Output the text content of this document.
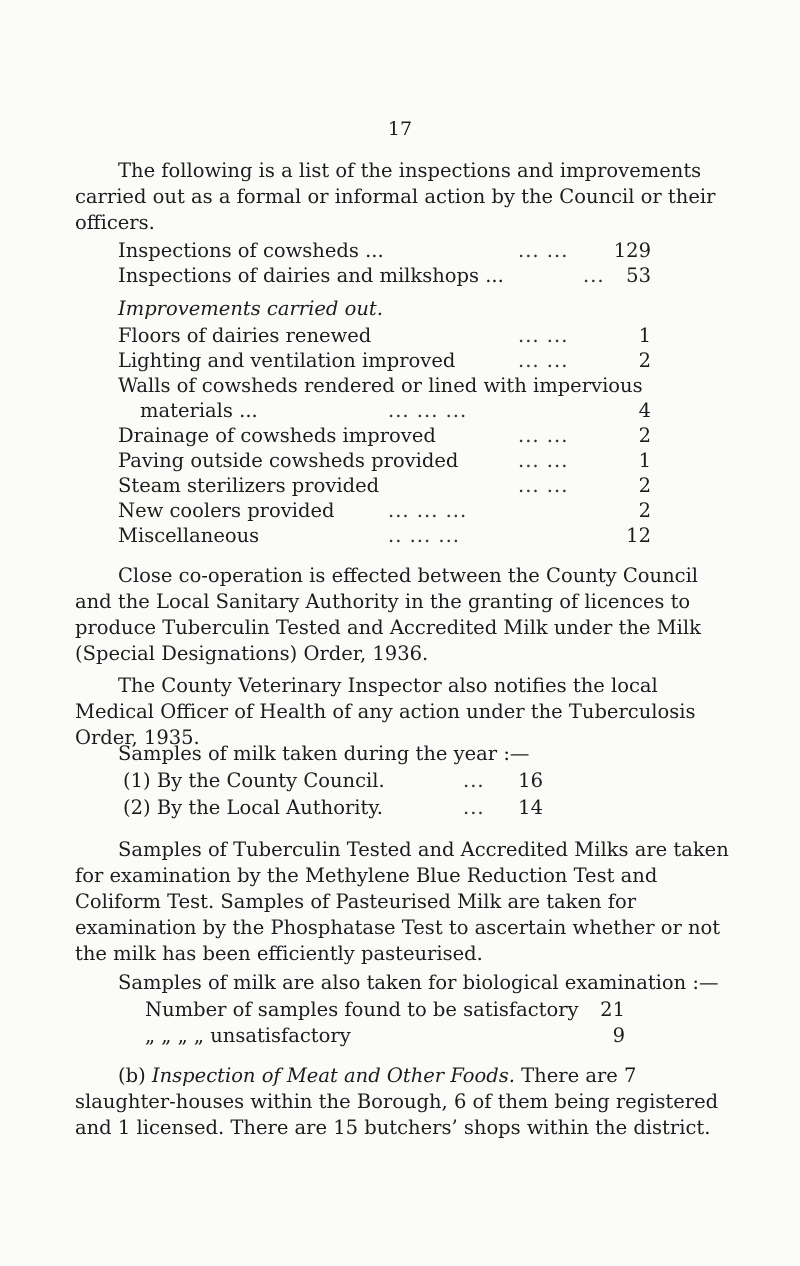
17
The following is a list of the inspections and improvements carried out as a formal or informal action by the Council or their officers.
Inspections of cowsheds ...	... ... 129
Inspections of dairies and milkshops ...	...	53
Improvements carried out.
Floors of dairies renewed	... ...	1
Lighting and ventilation improved	... ...	2
Walls of cowsheds rendered or lined with impervious
materials ...	... ... ...	4
Drainage of cowsheds improved	... ...	2
Paving outside cowsheds provided	... ...	1
Steam sterilizers provided	... ...	2
New coolers provided	... ... ...	2
Miscellaneous	.. ... ...	12
Close co-operation is effected between the County Council and the Local Sanitary Authority in the granting of licences to produce Tuberculin Tested and Accredited Milk under the Milk (Special Designations) Order, 1936.
The County Veterinary Inspector also notifies the local Medical Officer of Health of any action under the Tuberculosis Order, 1935.
Samples of milk taken during the year :—
(1) By the County Council.	...	16
(2) By the Local Authority.	...	14
Samples of Tuberculin Tested and Accredited Milks are taken for examination by the Methylene Blue Reduction Test and Coliform Test. Samples of Pasteurised Milk are taken for examination by the Phosphatase Test to ascertain whether or not the milk has been efficiently pasteurised.
Samples of milk are also taken for biological examination :—
Number of samples found to be satisfactory	21
„ „ „ „ unsatisfactory	9
(b) Inspection of Meat and Other Foods. There are 7 slaughter-houses within the Borough, 6 of them being registered and 1 licensed. There are 15 butchers’ shops within the district.
